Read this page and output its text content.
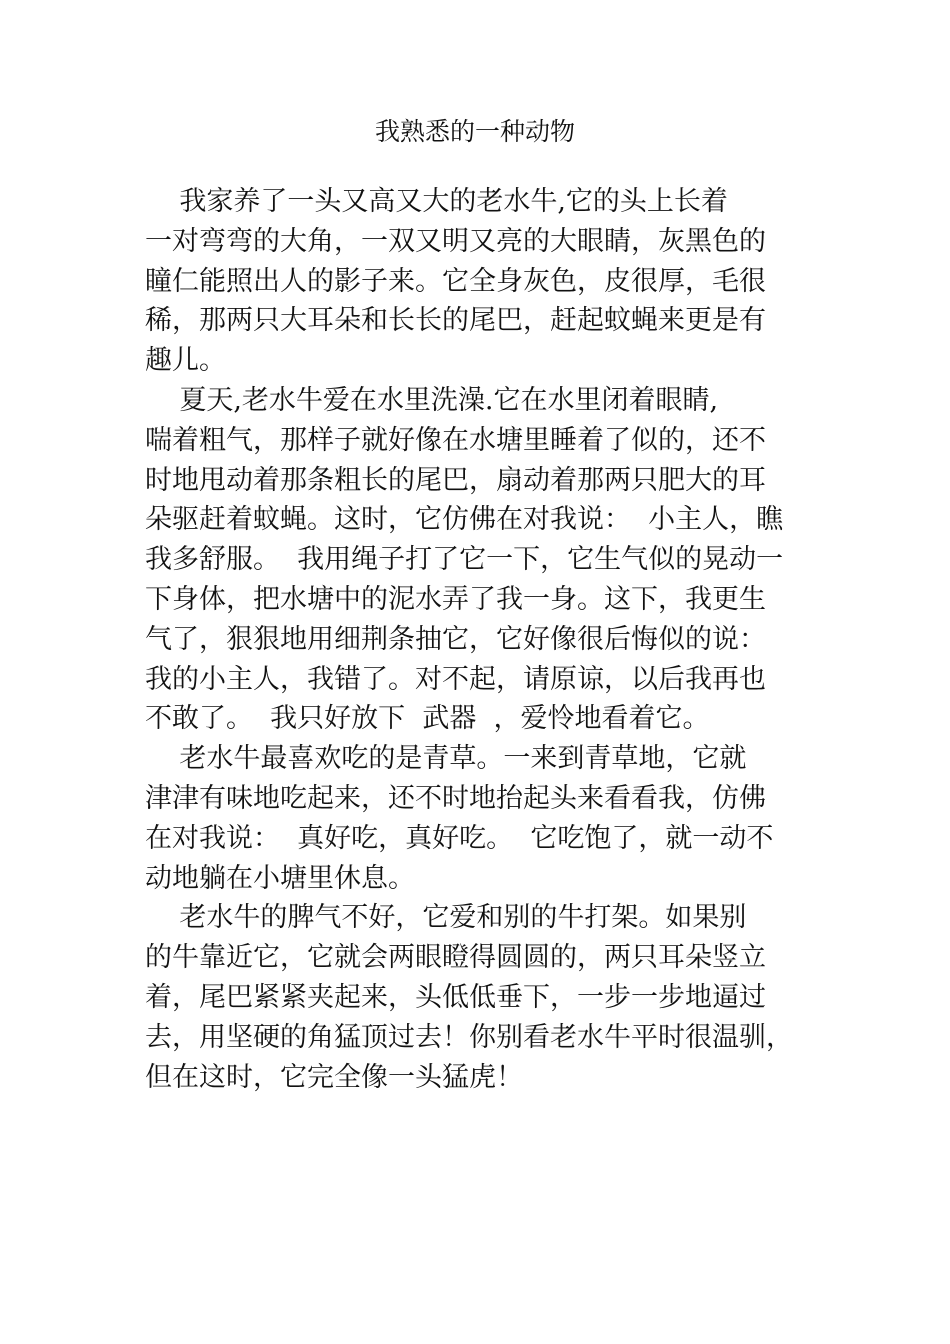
我熟悉的一种动物
我家养了一头又高又大的老水牛,它的头上长着
一对弯弯的大角，一双又明又亮的大眼睛，灰黑色的
瞳仁能照出人的影子来。它全身灰色，皮很厚，毛很
稀，那两只大耳朵和长长的尾巴，赶起蚊蝇来更是有
趣儿。
夏天,老水牛爱在水里洗澡.它在水里闭着眼睛,
喘着粗气，那样子就好像在水塘里睡着了似的，还不
时地甩动着那条粗长的尾巴，扇动着那两只肥大的耳
朵驱赶着蚊蝇。这时，它仿佛在对我说：  小主人，瞧
我多舒服。  我用绳子打了它一下，它生气似的晃动一
下身体，把水塘中的泥水弄了我一身。这下，我更生
气了，狠狠地用细荆条抽它，它好像很后悔似的说：
我的小主人，我错了。对不起，请原谅，以后我再也
不敢了。  我只好放下  武器  ，爱怜地看着它。
老水牛最喜欢吃的是青草。一来到青草地，它就
津津有味地吃起来，还不时地抬起头来看看我，仿佛
在对我说：  真好吃，真好吃。  它吃饱了，就一动不
动地躺在小塘里休息。
老水牛的脾气不好，它爱和别的牛打架。如果别
的牛靠近它，它就会两眼瞪得圆圆的，两只耳朵竖立
着，尾巴紧紧夹起来，头低低垂下，一步一步地逼过
去，用坚硬的角猛顶过去！你别看老水牛平时很温驯，
但在这时，它完全像一头猛虎！
